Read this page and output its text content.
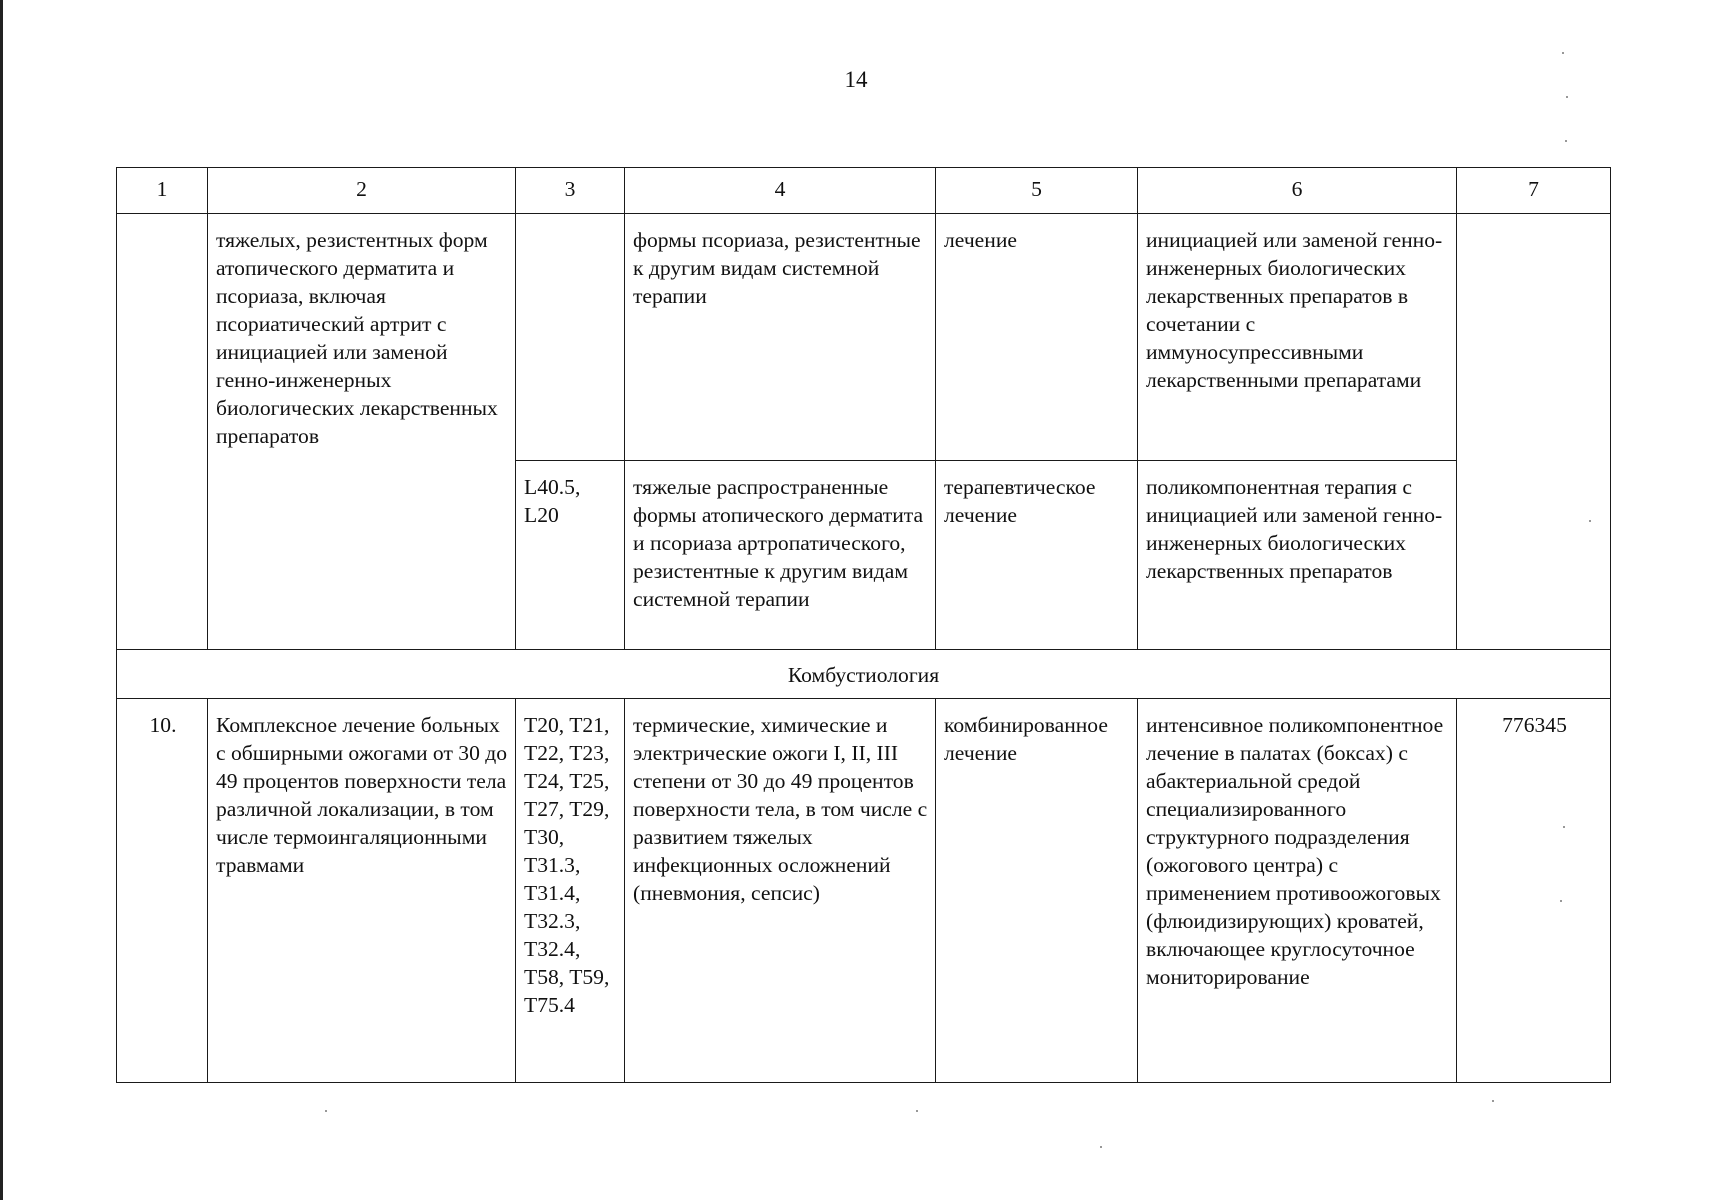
14
1	2	3	4	5	6	7
	тяжелых, резистентных форм атопического дерматита и псориаза, включая псориатический артрит с инициацией или заменой генно-инженерных биологических лекарственных препаратов		формы псориаза, резистентные к другим видам системной терапии	лечение	инициацией или заменой генно-инженерных биологических лекарственных препаратов в сочетании с иммуносупрессивными лекарственными препаратами	
		L40.5, L20	тяжелые распространенные формы атопического дерматита и псориаза артропатического, резистентные к другим видам системной терапии	терапевтическое лечение	поликомпонентная терапия с инициацией или заменой генно-инженерных биологических лекарственных препаратов	
Комбустиология						
10.	Комплексное лечение больных с обширными ожогами от 30 до 49 процентов поверхности тела различной локализации, в том числе термоингаляционными травмами	T20, T21, T22, T23, T24, T25, T27, T29, T30, T31.3, T31.4, T32.3, T32.4, T58, T59, T75.4	термические, химические и электрические ожоги I, II, III степени от 30 до 49 процентов поверхности тела, в том числе с развитием тяжелых инфекционных осложнений (пневмония, сепсис)	комбинированное лечение	интенсивное поликомпонентное лечение в палатах (боксах) с абактериальной средой специализированного структурного подразделения (ожогового центра) с применением противоожоговых (флюидизирующих) кроватей, включающее круглосуточное мониторирование	776345
